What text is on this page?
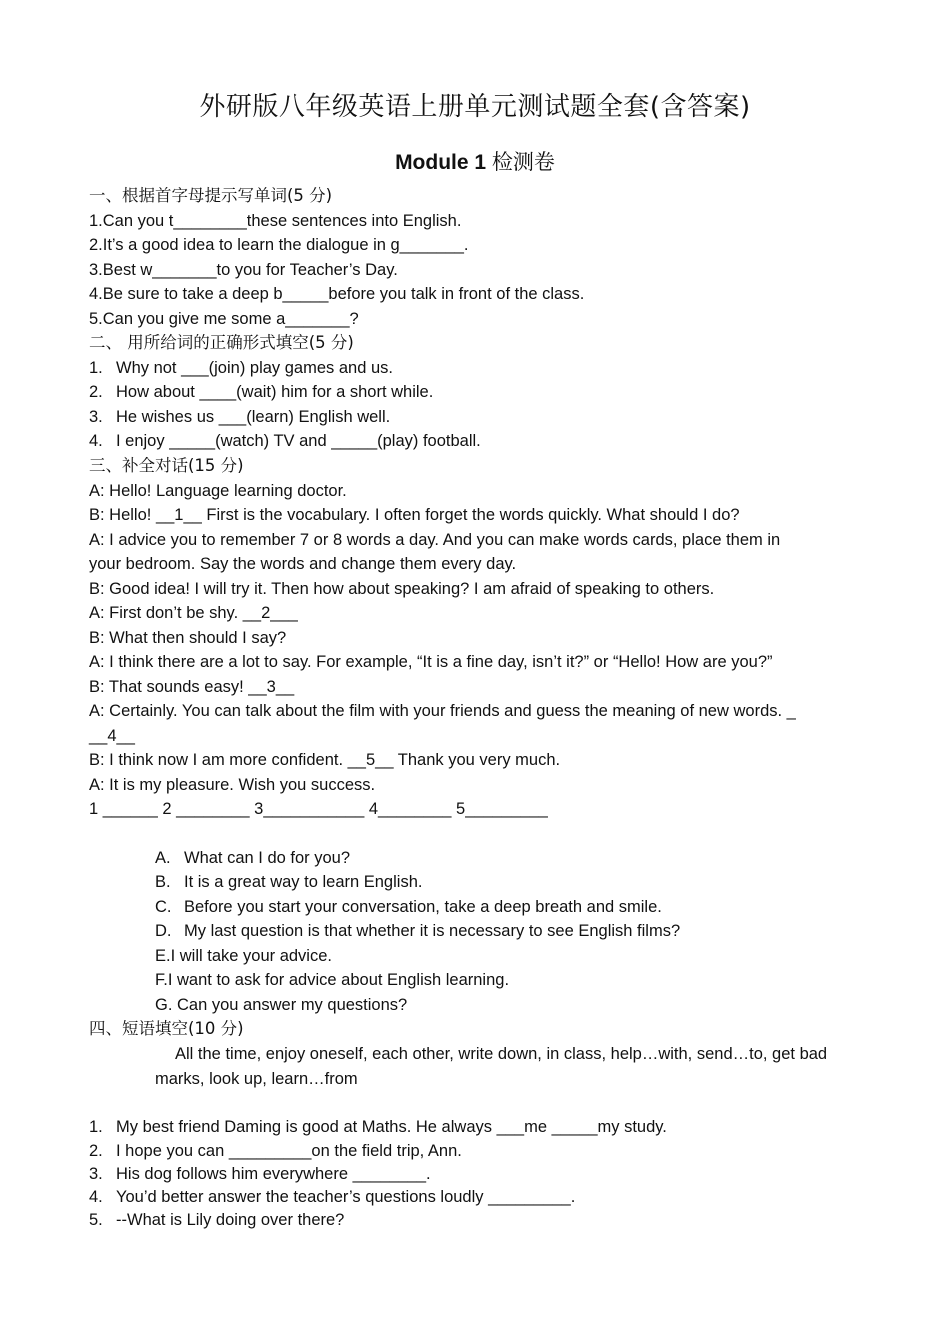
外研版八年级英语上册单元测试题全套(含答案)
Module 1 检测卷
一、根据首字母提示写单词(5 分)
1.Can you t________these sentences into English.
2.It’s a good idea to learn the dialogue in g_______.
3.Best w_______to you for Teacher’s Day.
4.Be sure to take a deep b_____before you talk in front of the class.
5.Can you give me some a_______?
二、 用所给词的正确形式填空(5 分)
1. Why not ___(join) play games and us.
2. How about ____(wait) him for a short while.
3. He wishes us ___(learn) English well.
4. I enjoy _____(watch) TV and _____(play) football.
三、补全对话(15 分)
A: Hello! Language learning doctor.
B: Hello! __1__ First is the vocabulary. I often forget the words quickly. What should I do?
A: I advice you to remember 7 or 8 words a day. And you can make words cards, place them in
your bedroom. Say the words and change them every day.
B: Good idea! I will try it. Then how about speaking? I am afraid of speaking to others.
A: First don’t be shy. __2___
B: What then should I say?
A: I think there are a lot to say. For example, “It is a fine day, isn’t it?” or “Hello! How are you?”
B: That sounds easy! __3__
A: Certainly. You can talk about the film with your friends and guess the meaning of new words. _
__4__
B: I think now I am more confident. __5__ Thank you very much.
A: It is my pleasure. Wish you success.
1 ______ 2 ________ 3___________ 4________ 5_________
A. What can I do for you?
B. It is a great way to learn English.
C. Before you start your conversation, take a deep breath and smile.
D. My last question is that whether it is necessary to see English films?
E.I will take your advice.
F.I want to ask for advice about English learning.
G. Can you answer my questions?
四、短语填空(10 分)
All the time, enjoy oneself, each other, write down, in class, help…with, send…to, get bad marks, look up, learn…from
1. My best friend Daming is good at Maths. He always ___me _____my study.
2. I hope you can _________on the field trip, Ann.
3. His dog follows him everywhere ________.
4. You’d better answer the teacher’s questions loudly _________.
5. --What is Lily doing over there?
